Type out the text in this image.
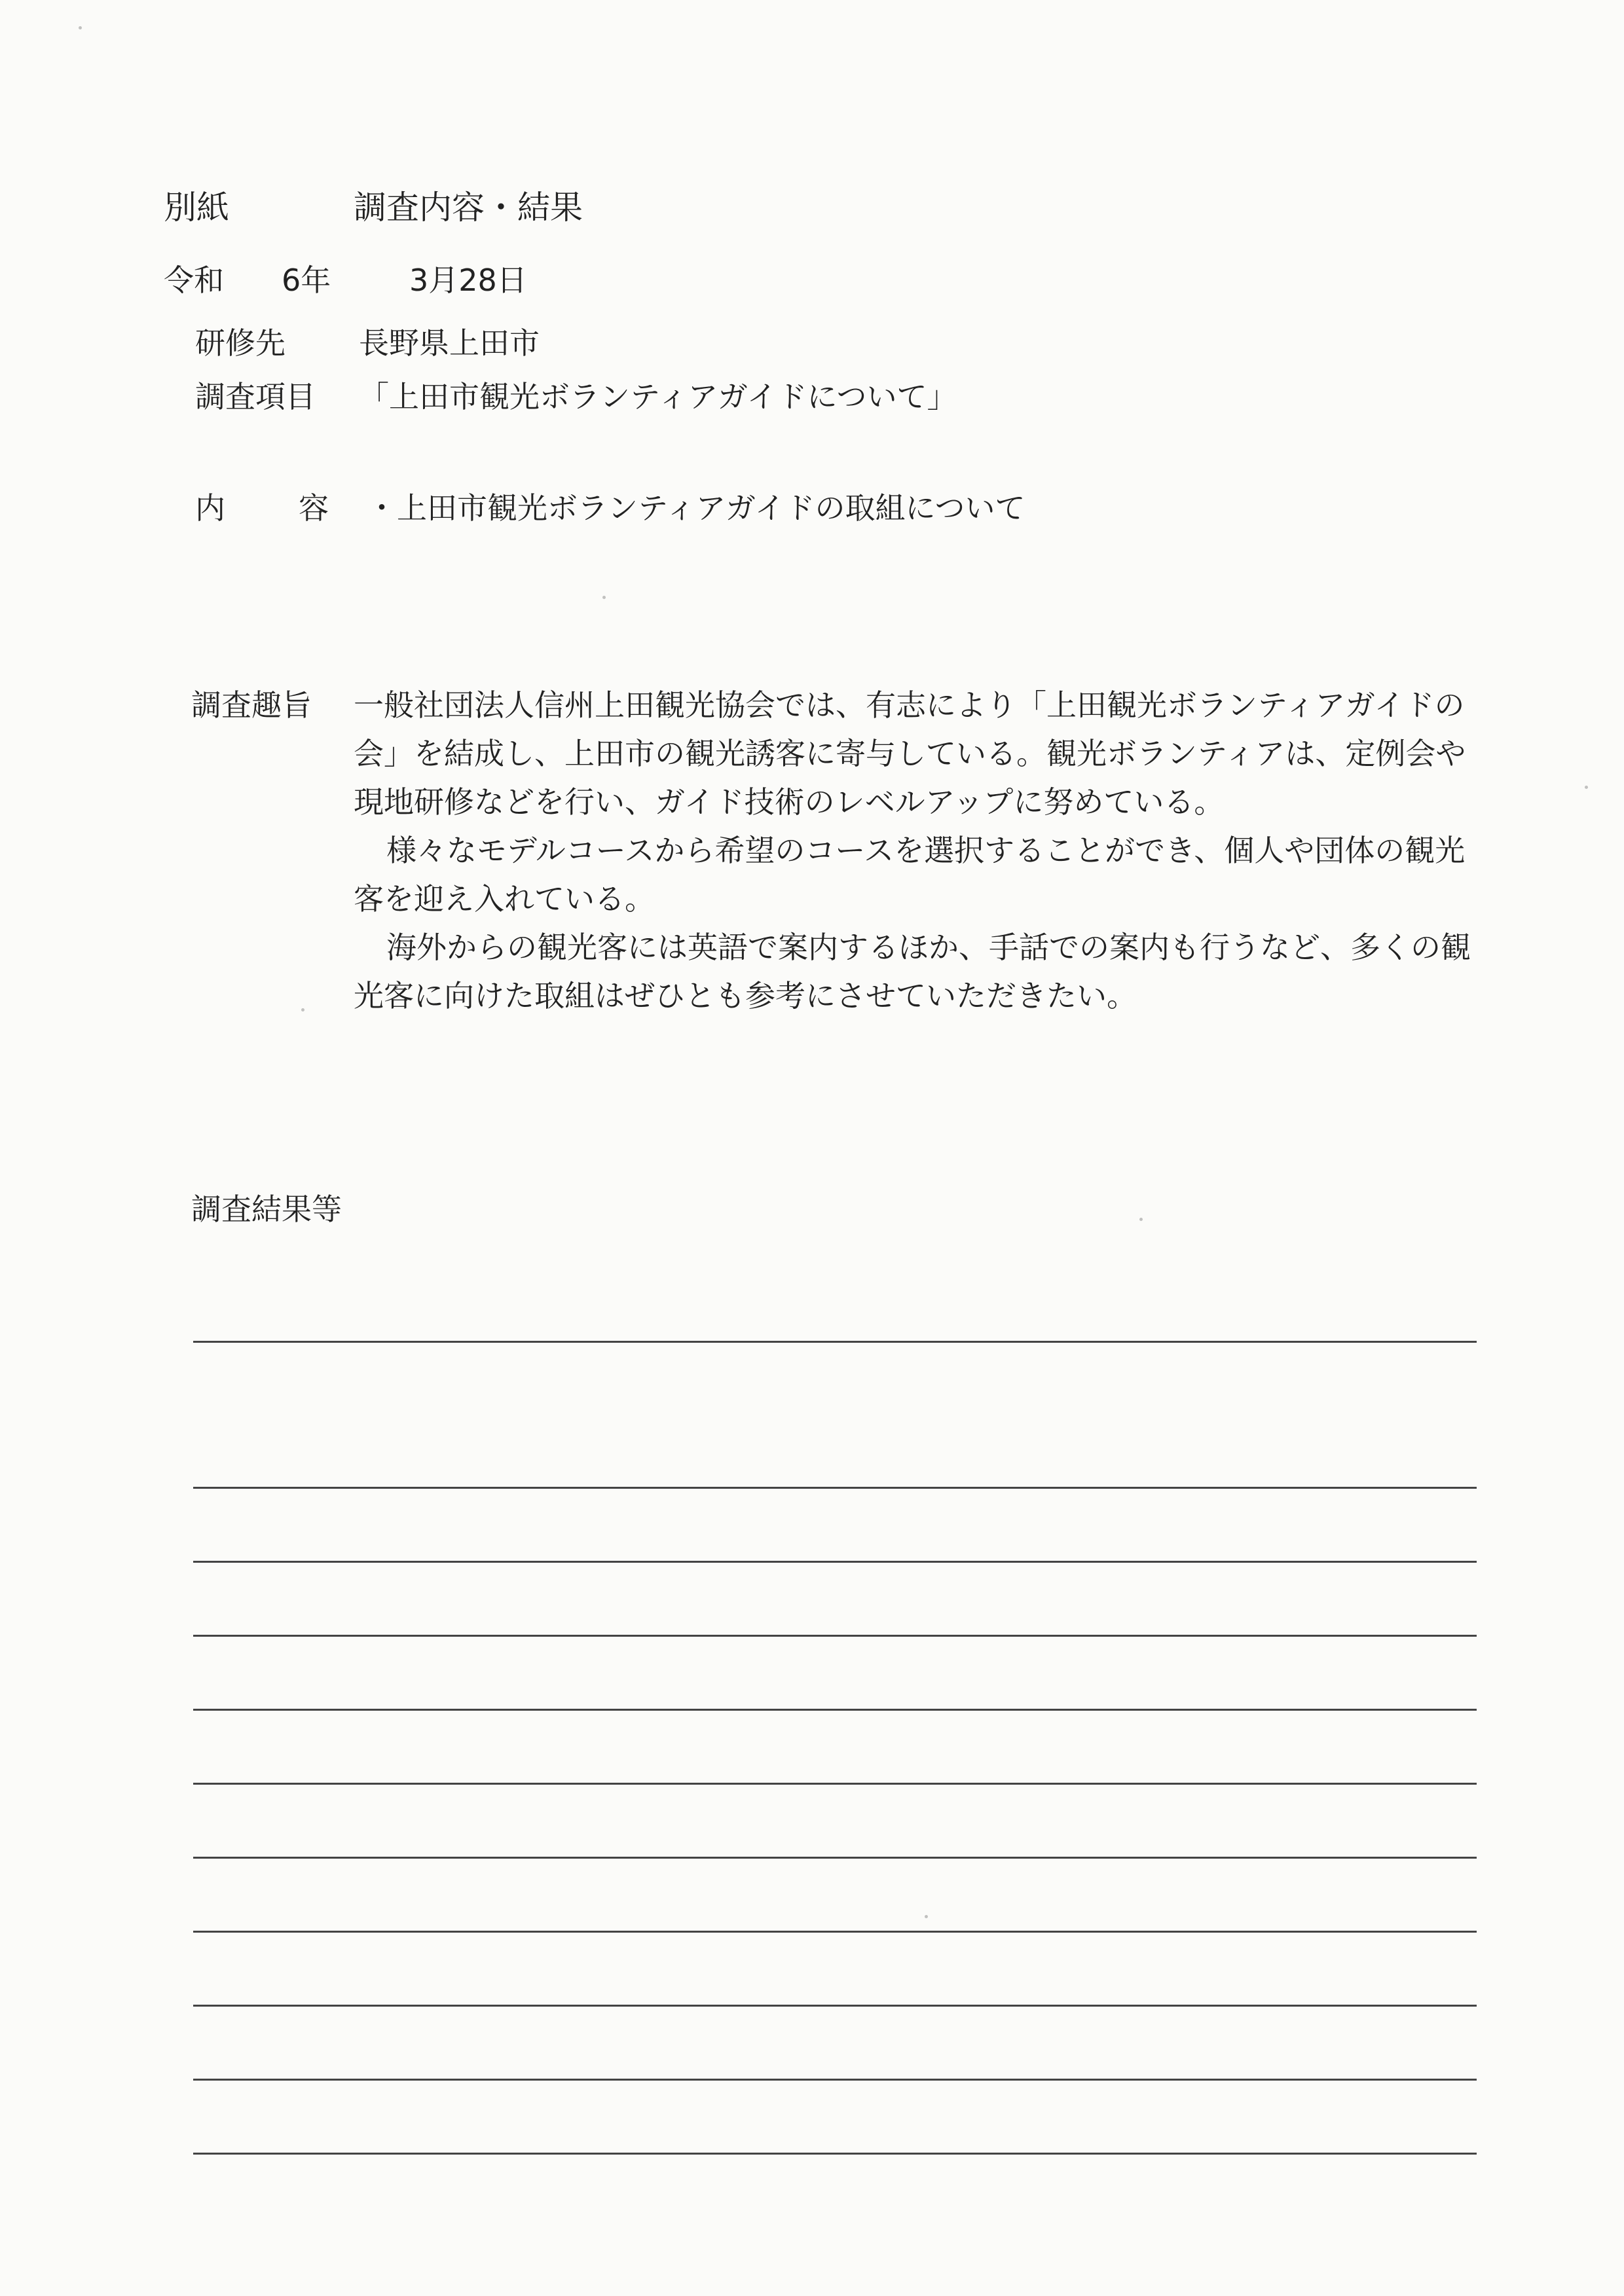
別紙	調査内容・結果
令和 6年	3月28日
研修先 長野県上田市
調査項目 「上田市観光ボランティアガイドについて」
内 容 ・上田市観光ボランティアガイドの取組について
調査趣旨 一般社団法人信州上田観光協会では、有志により「上田観光ボランティアガイドの会」を結成し、上田市の観光誘客に寄与している。観光ボランティアは、定例会や現地研修などを行い、ガイド技術のレベルアップに努めている。

様々なモデルコースから希望のコースを選択することができ、個人や団体の観光客を迎え入れている。

海外からの観光客には英語で案内するほか、手話での案内も行うなど、多くの観光客に向けた取組はぜひとも参考にさせていただきたい。

調査結果等
